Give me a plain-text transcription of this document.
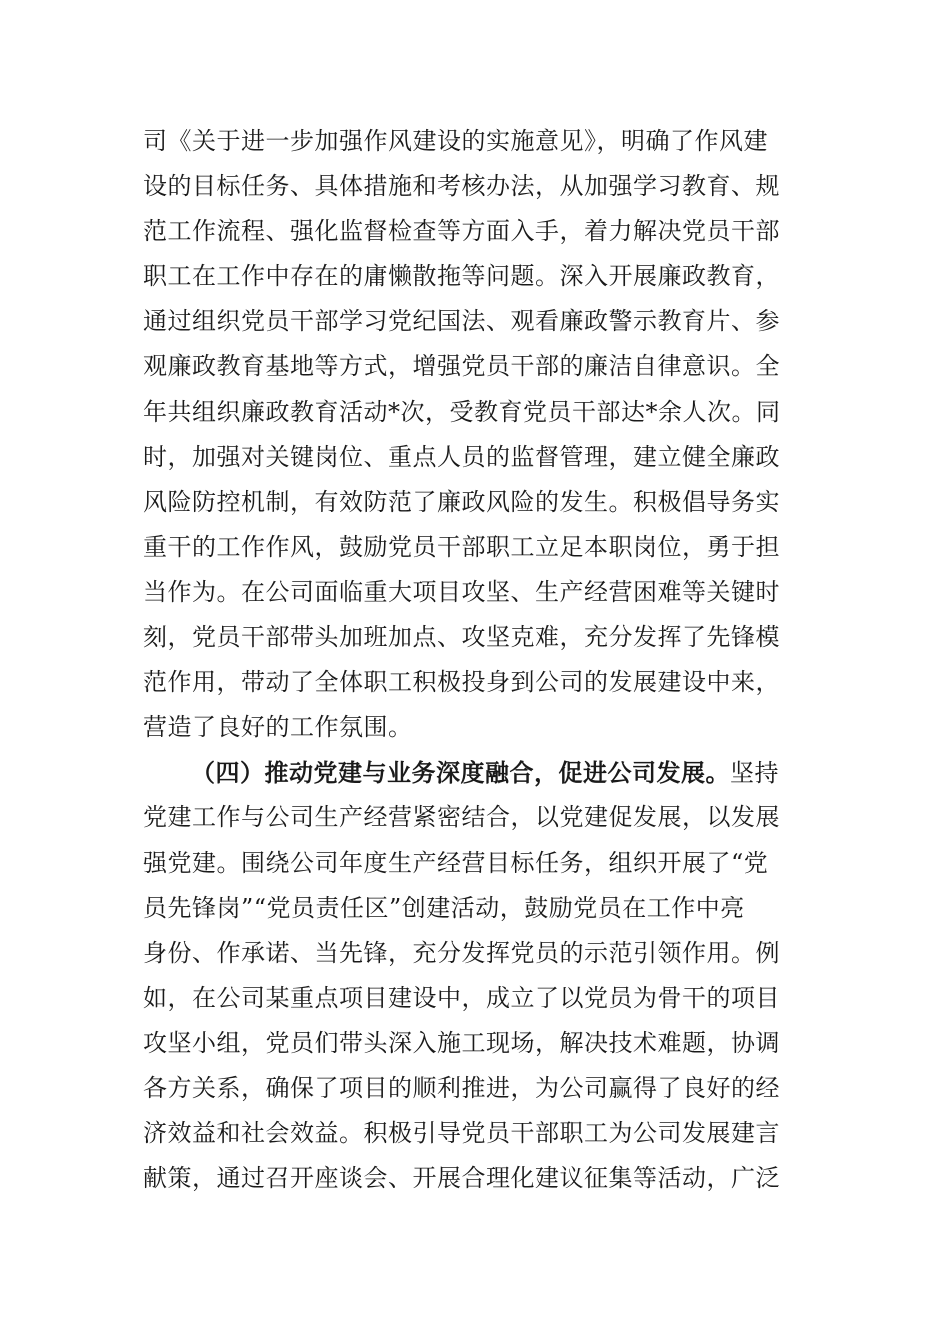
司《关于进一步加强作风建设的实施意见》，明确了作风建
设的目标任务、具体措施和考核办法，从加强学习教育、规
范工作流程、强化监督检查等方面入手，着力解决党员干部
职工在工作中存在的庸懒散拖等问题。深入开展廉政教育，
通过组织党员干部学习党纪国法、观看廉政警示教育片、参
观廉政教育基地等方式，增强党员干部的廉洁自律意识。全
年共组织廉政教育活动*次，受教育党员干部达*余人次。同
时，加强对关键岗位、重点人员的监督管理，建立健全廉政
风险防控机制，有效防范了廉政风险的发生。积极倡导务实
重干的工作作风，鼓励党员干部职工立足本职岗位，勇于担
当作为。在公司面临重大项目攻坚、生产经营困难等关键时
刻，党员干部带头加班加点、攻坚克难，充分发挥了先锋模
范作用，带动了全体职工积极投身到公司的发展建设中来，
营造了良好的工作氛围。
（四）推动党建与业务深度融合，促进公司发展。坚持
党建工作与公司生产经营紧密结合，以党建促发展，以发展
强党建。围绕公司年度生产经营目标任务，组织开展了“党
员先锋岗”“党员责任区”创建活动，鼓励党员在工作中亮
身份、作承诺、当先锋，充分发挥党员的示范引领作用。例
如，在公司某重点项目建设中，成立了以党员为骨干的项目
攻坚小组，党员们带头深入施工现场，解决技术难题，协调
各方关系，确保了项目的顺利推进，为公司赢得了良好的经
济效益和社会效益。积极引导党员干部职工为公司发展建言
献策，通过召开座谈会、开展合理化建议征集等活动，广泛
